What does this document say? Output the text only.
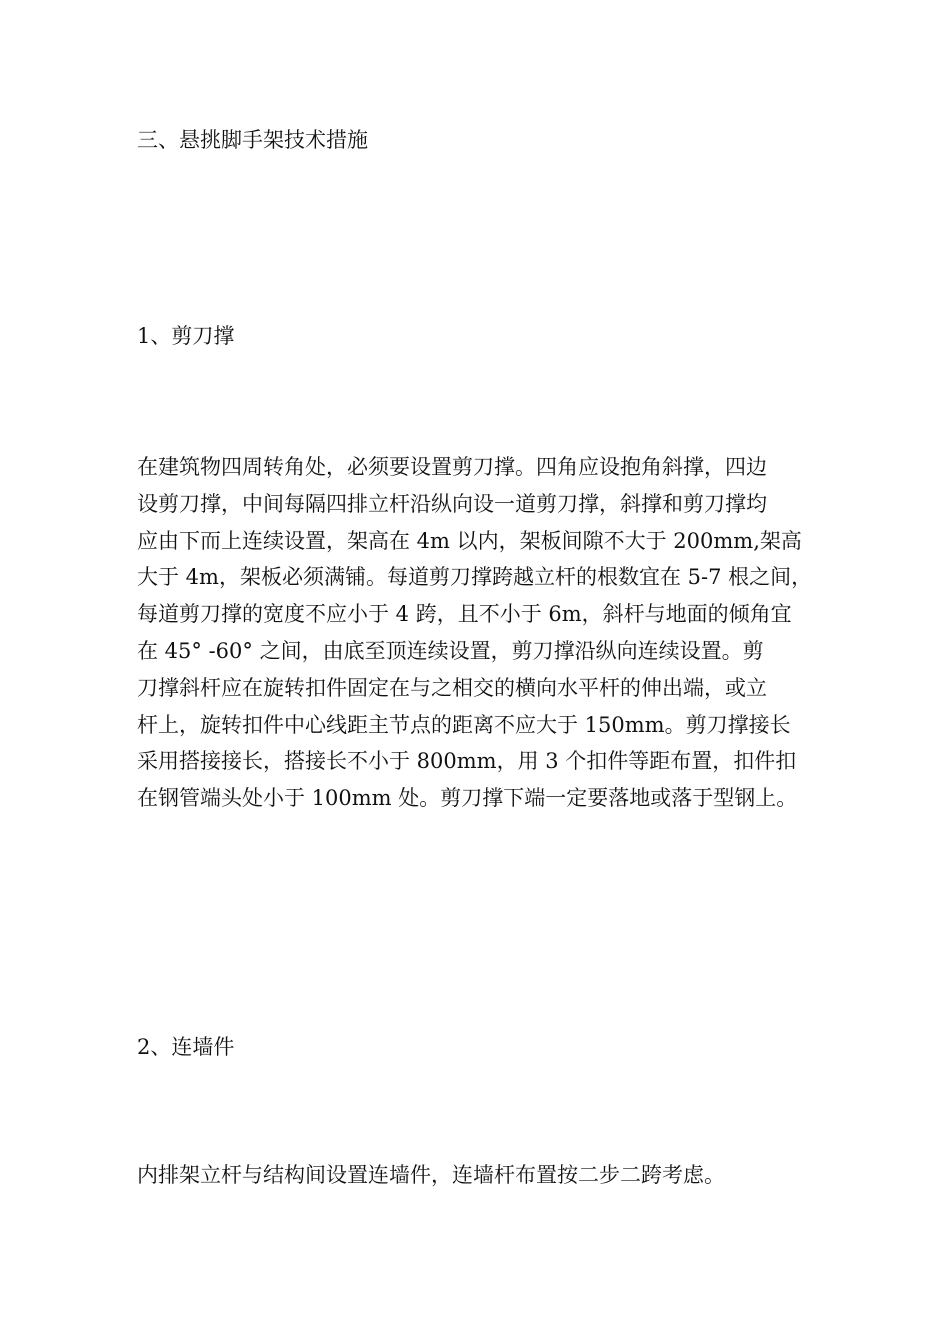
三、悬挑脚手架技术措施

1、剪刀撑

在建筑物四周转角处，必须要设置剪刀撑。四角应设抱角斜撑，四边
设剪刀撑，中间每隔四排立杆沿纵向设一道剪刀撑，斜撑和剪刀撑均
应由下而上连续设置，架高在 4m 以内，架板间隙不大于 200mm,架高
大于 4m，架板必须满铺。每道剪刀撑跨越立杆的根数宜在 5-7 根之间，
每道剪刀撑的宽度不应小于 4 跨，且不小于 6m，斜杆与地面的倾角宜
在 45° -60° 之间，由底至顶连续设置，剪刀撑沿纵向连续设置。剪
刀撑斜杆应在旋转扣件固定在与之相交的横向水平杆的伸出端，或立
杆上，旋转扣件中心线距主节点的距离不应大于 150mm。剪刀撑接长
采用搭接接长，搭接长不小于 800mm，用 3 个扣件等距布置，扣件扣
在钢管端头处小于 100mm 处。剪刀撑下端一定要落地或落于型钢上。

2、连墙件

内排架立杆与结构间设置连墙件，连墙杆布置按二步二跨考虑。
